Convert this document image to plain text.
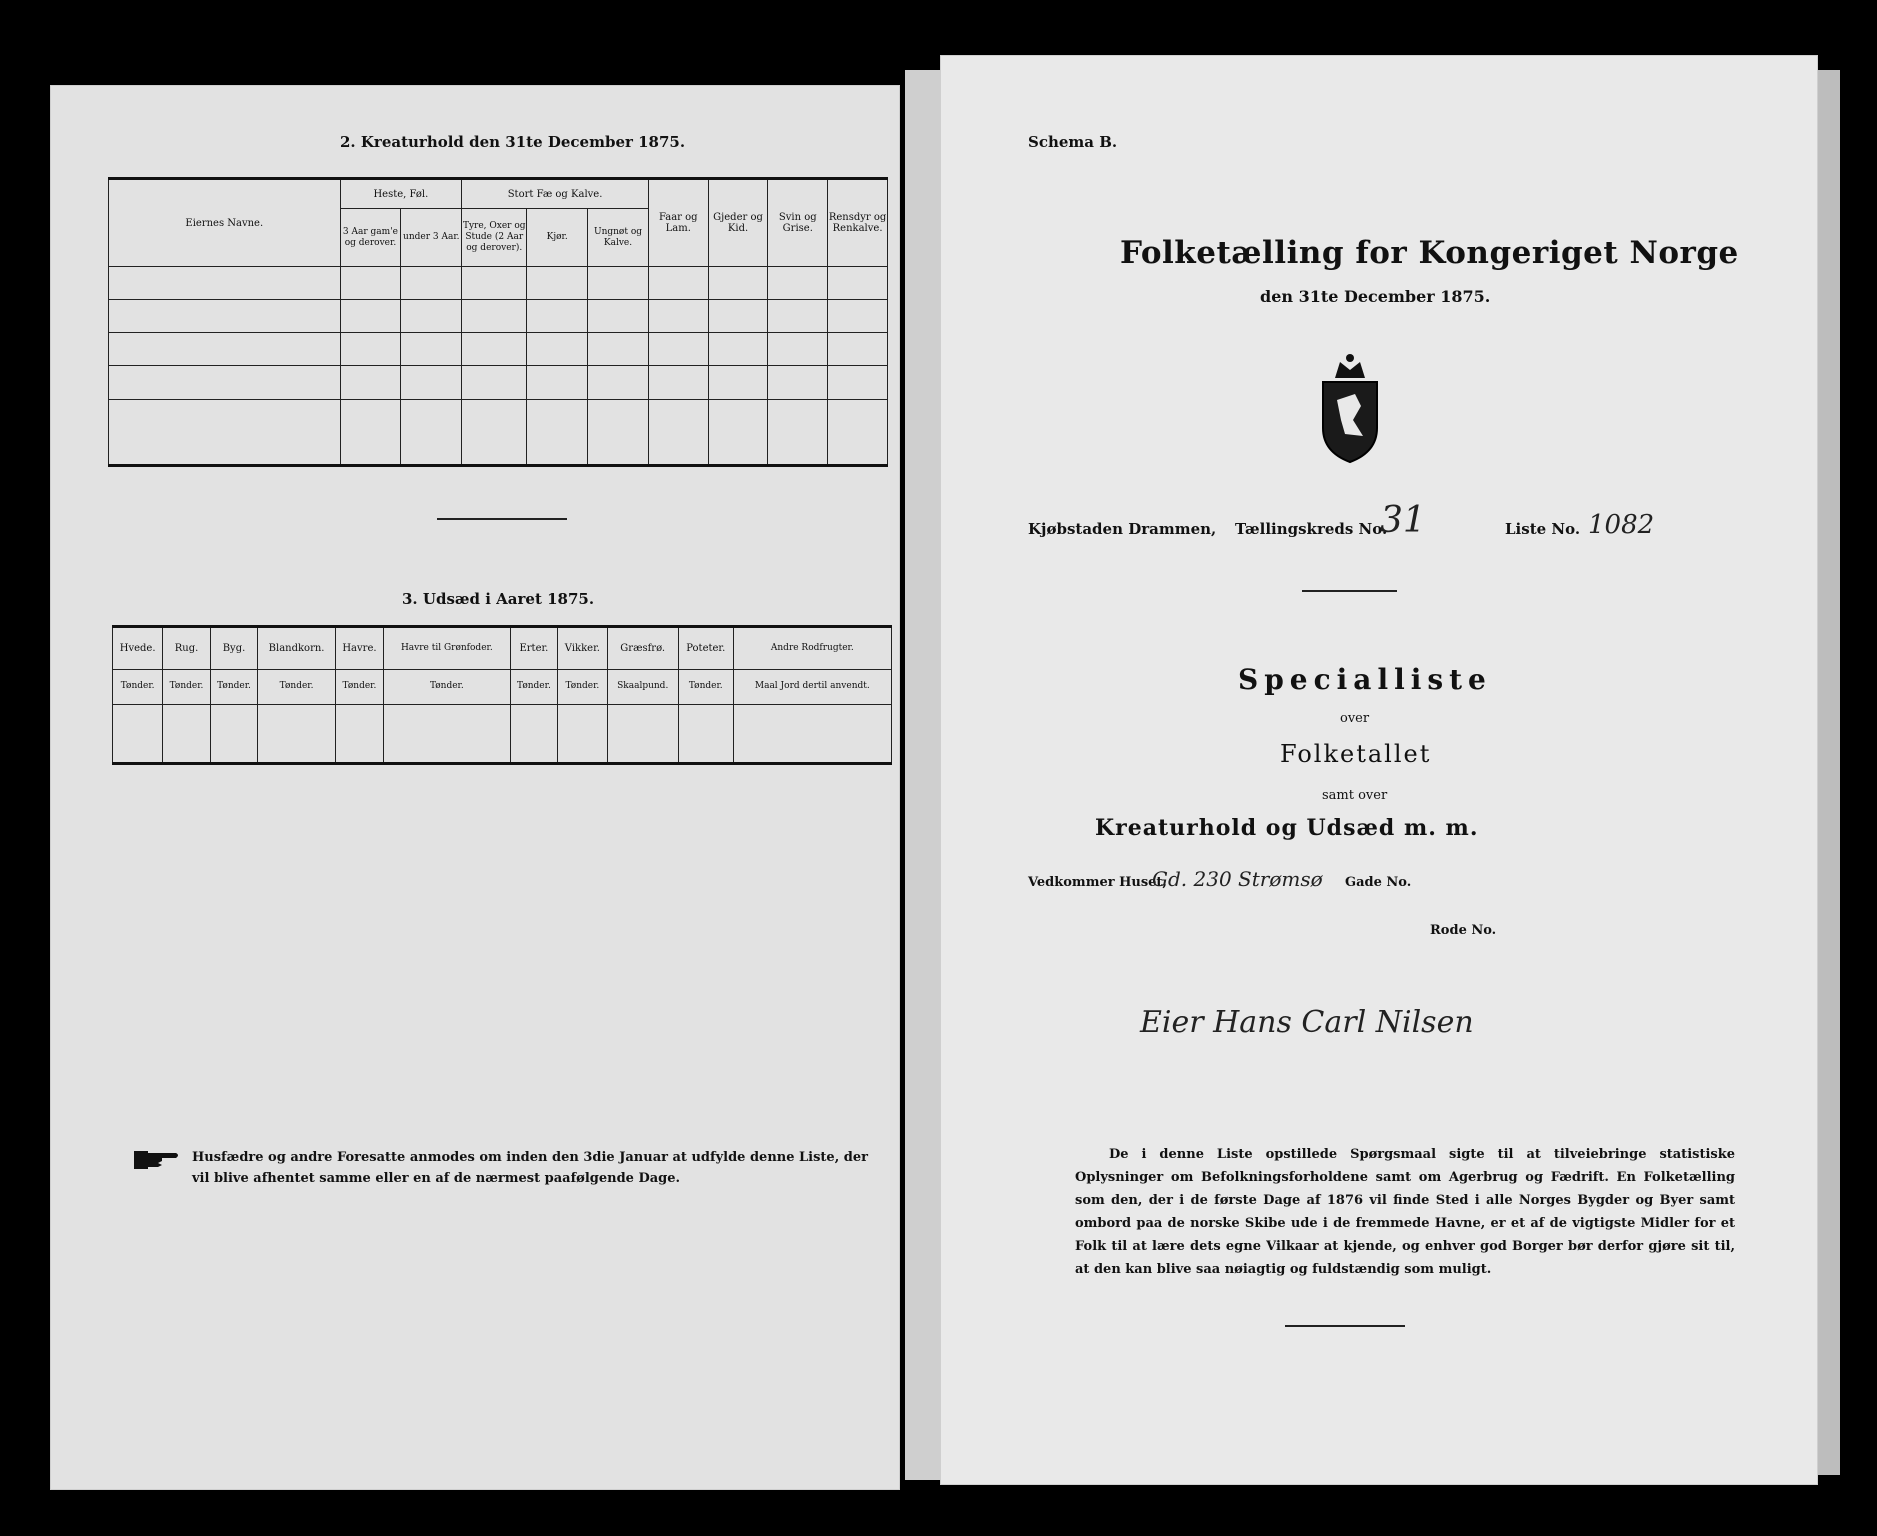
2. Kreaturhold den 31te December 1875.
Eiernes Navne.	Heste, Føl.		Stort Fæ og Kalve.			Faar og Lam.	Gjeder og Kid.	Svin og Grise.	Rensdyr og Renkalve.
	3 Aar gam'e og derover.	under 3 Aar.	Tyre, Oxer og Stude (2 Aar og derover).	Kjør.	Ungnøt og Kalve.				

3. Udsæd i Aaret 1875.
Hvede.	Rug.	Byg.	Blandkorn.	Havre.	Havre til Grønfoder.	Erter.	Vikker.	Græsfrø.	Poteter.	Andre Rodfrugter.
Tønder.	Tønder.	Tønder.	Tønder.	Tønder.	Tønder.	Tønder.	Tønder.	Skaalpund.	Tønder.	Maal Jord dertil anvendt.

Husfædre og andre Foresatte anmodes om inden den 3die Januar at udfylde denne Liste, der vil blive afhentet samme eller en af de nærmest paafølgende Dage.
Schema B.
Folketælling for Kongeriget Norge
den 31te December 1875.
Kjøbstaden Drammen, Tællingskreds No.
31	Liste No. 1082
Specialliste
over
Folketallet
samt over
Kreaturhold og Udsæd m. m.
Vedkommer Huset,
Gd. 230 Strømsø Gade No.
Rode No.
Eier Hans Carl Nilsen
De i denne Liste opstillede Spørgsmaal sigte til at tilveiebringe statistiske Oplysninger om Befolkningsforholdene samt om Agerbrug og Fædrift. En Folketælling som den, der i de første Dage af 1876 vil finde Sted i alle Norges Bygder og Byer samt ombord paa de norske Skibe ude i de fremmede Havne, er et af de vigtigste Midler for et Folk til at lære dets egne Vilkaar at kjende, og enhver god Borger bør derfor gjøre sit til, at den kan blive saa nøiagtig og fuldstændig som muligt.
